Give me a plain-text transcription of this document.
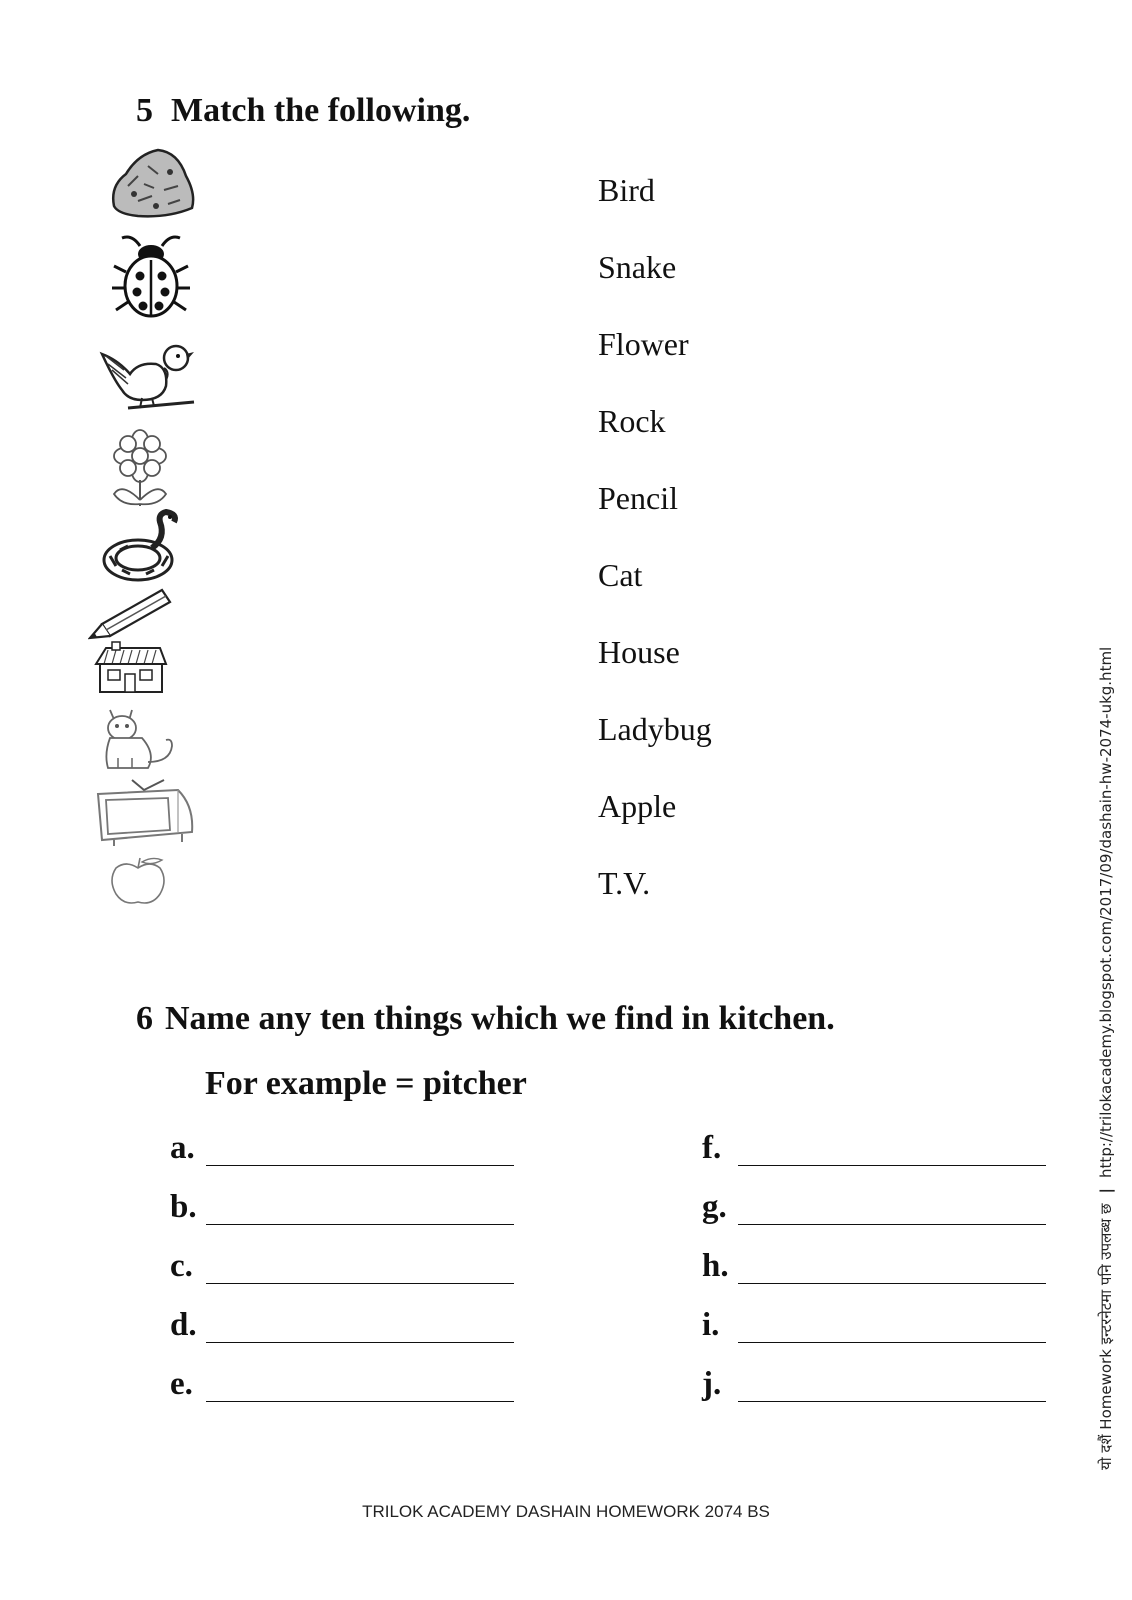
5 Match the following.
Bird
Snake
Flower
Rock
Pencil
Cat
House
Ladybug
Apple
T.V.
6 Name any ten things which we find in kitchen.
For example = pitcher
a.
b.
c.
d.
e.
f.
g.
h.
i.
j.	यो दशैं Homework इन्टरनेटमा पनि उपलब्ध छ|http://trilokacademy.blogspot.com/2017/09/dashain-hw-2074-ukg.html
TRILOK ACADEMY DASHAIN HOMEWORK 2074 BS
